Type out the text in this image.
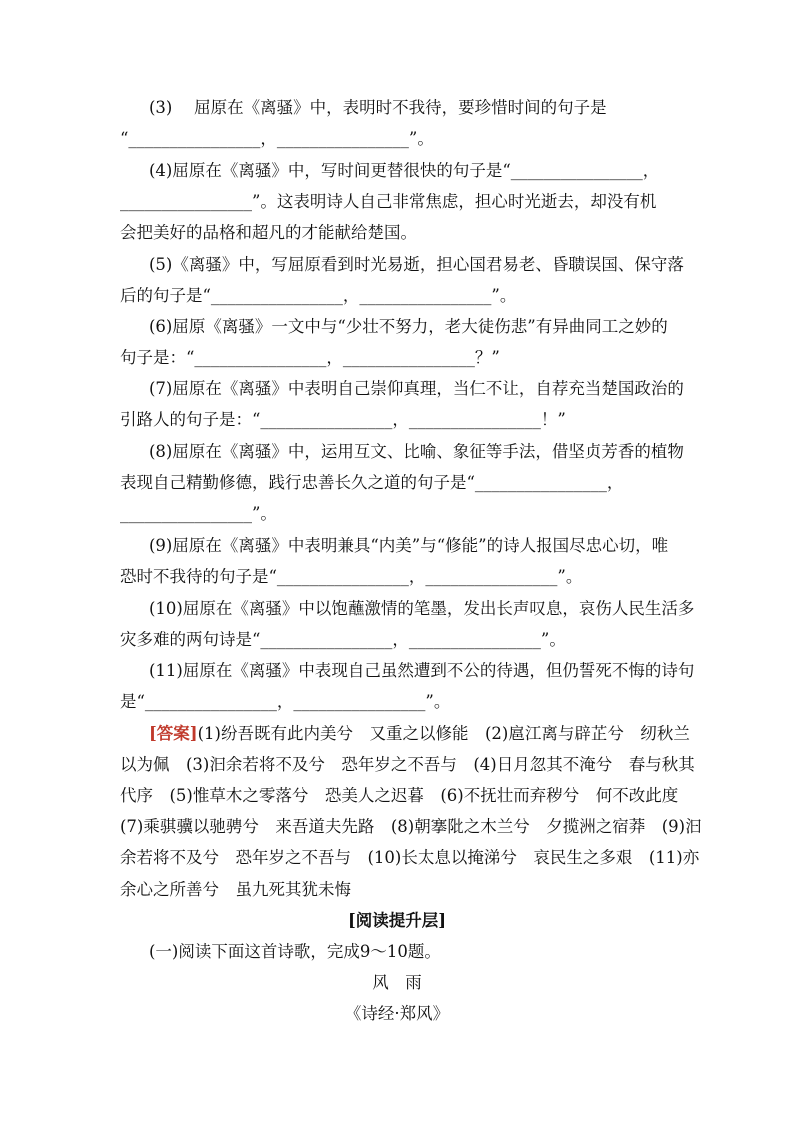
(3)　 屈原在《离骚》中，表明时不我待，要珍惜时间的句子是
“________________，________________”。
(4)屈原在《离骚》中，写时间更替很快的句子是“________________，
________________”。这表明诗人自己非常焦虑，担心时光逝去，却没有机
会把美好的品格和超凡的才能献给楚国。
(5)《离骚》中，写屈原看到时光易逝，担心国君易老、昏聩误国、保守落
后的句子是“________________，________________”。
(6)屈原《离骚》一文中与“少壮不努力，老大徒伤悲”有异曲同工之妙的
句子是：“________________，________________？”
(7)屈原在《离骚》中表明自己崇仰真理，当仁不让，自荐充当楚国政治的
引路人的句子是：“________________，________________！”
(8)屈原在《离骚》中，运用互文、比喻、象征等手法，借坚贞芳香的植物
表现自己精勤修德，践行忠善长久之道的句子是“________________，
________________”。
(9)屈原在《离骚》中表明兼具“内美”与“修能”的诗人报国尽忠心切，唯
恐时不我待的句子是“________________，________________”。
(10)屈原在《离骚》中以饱蘸激情的笔墨，发出长声叹息，哀伤人民生活多
灾多难的两句诗是“________________，________________”。
(11)屈原在《离骚》中表现自己虽然遭到不公的待遇，但仍誓死不悔的诗句
是“________________，________________”。
[答案](1)纷吾既有此内美兮　又重之以修能　(2)扈江离与辟芷兮　纫秋兰
以为佩　(3)汩余若将不及兮　恐年岁之不吾与　(4)日月忽其不淹兮　春与秋其
代序　(5)惟草木之零落兮　恐美人之迟暮　(6)不抚壮而弃秽兮　何不改此度
(7)乘骐骥以驰骋兮　来吾道夫先路　(8)朝搴阰之木兰兮　夕揽洲之宿莽　(9)汩
余若将不及兮　恐年岁之不吾与　(10)长太息以掩涕兮　哀民生之多艰　(11)亦
余心之所善兮　虽九死其犹未悔
[阅读提升层]
(一)阅读下面这首诗歌，完成9～10题。
风　雨
《诗经·郑风》
